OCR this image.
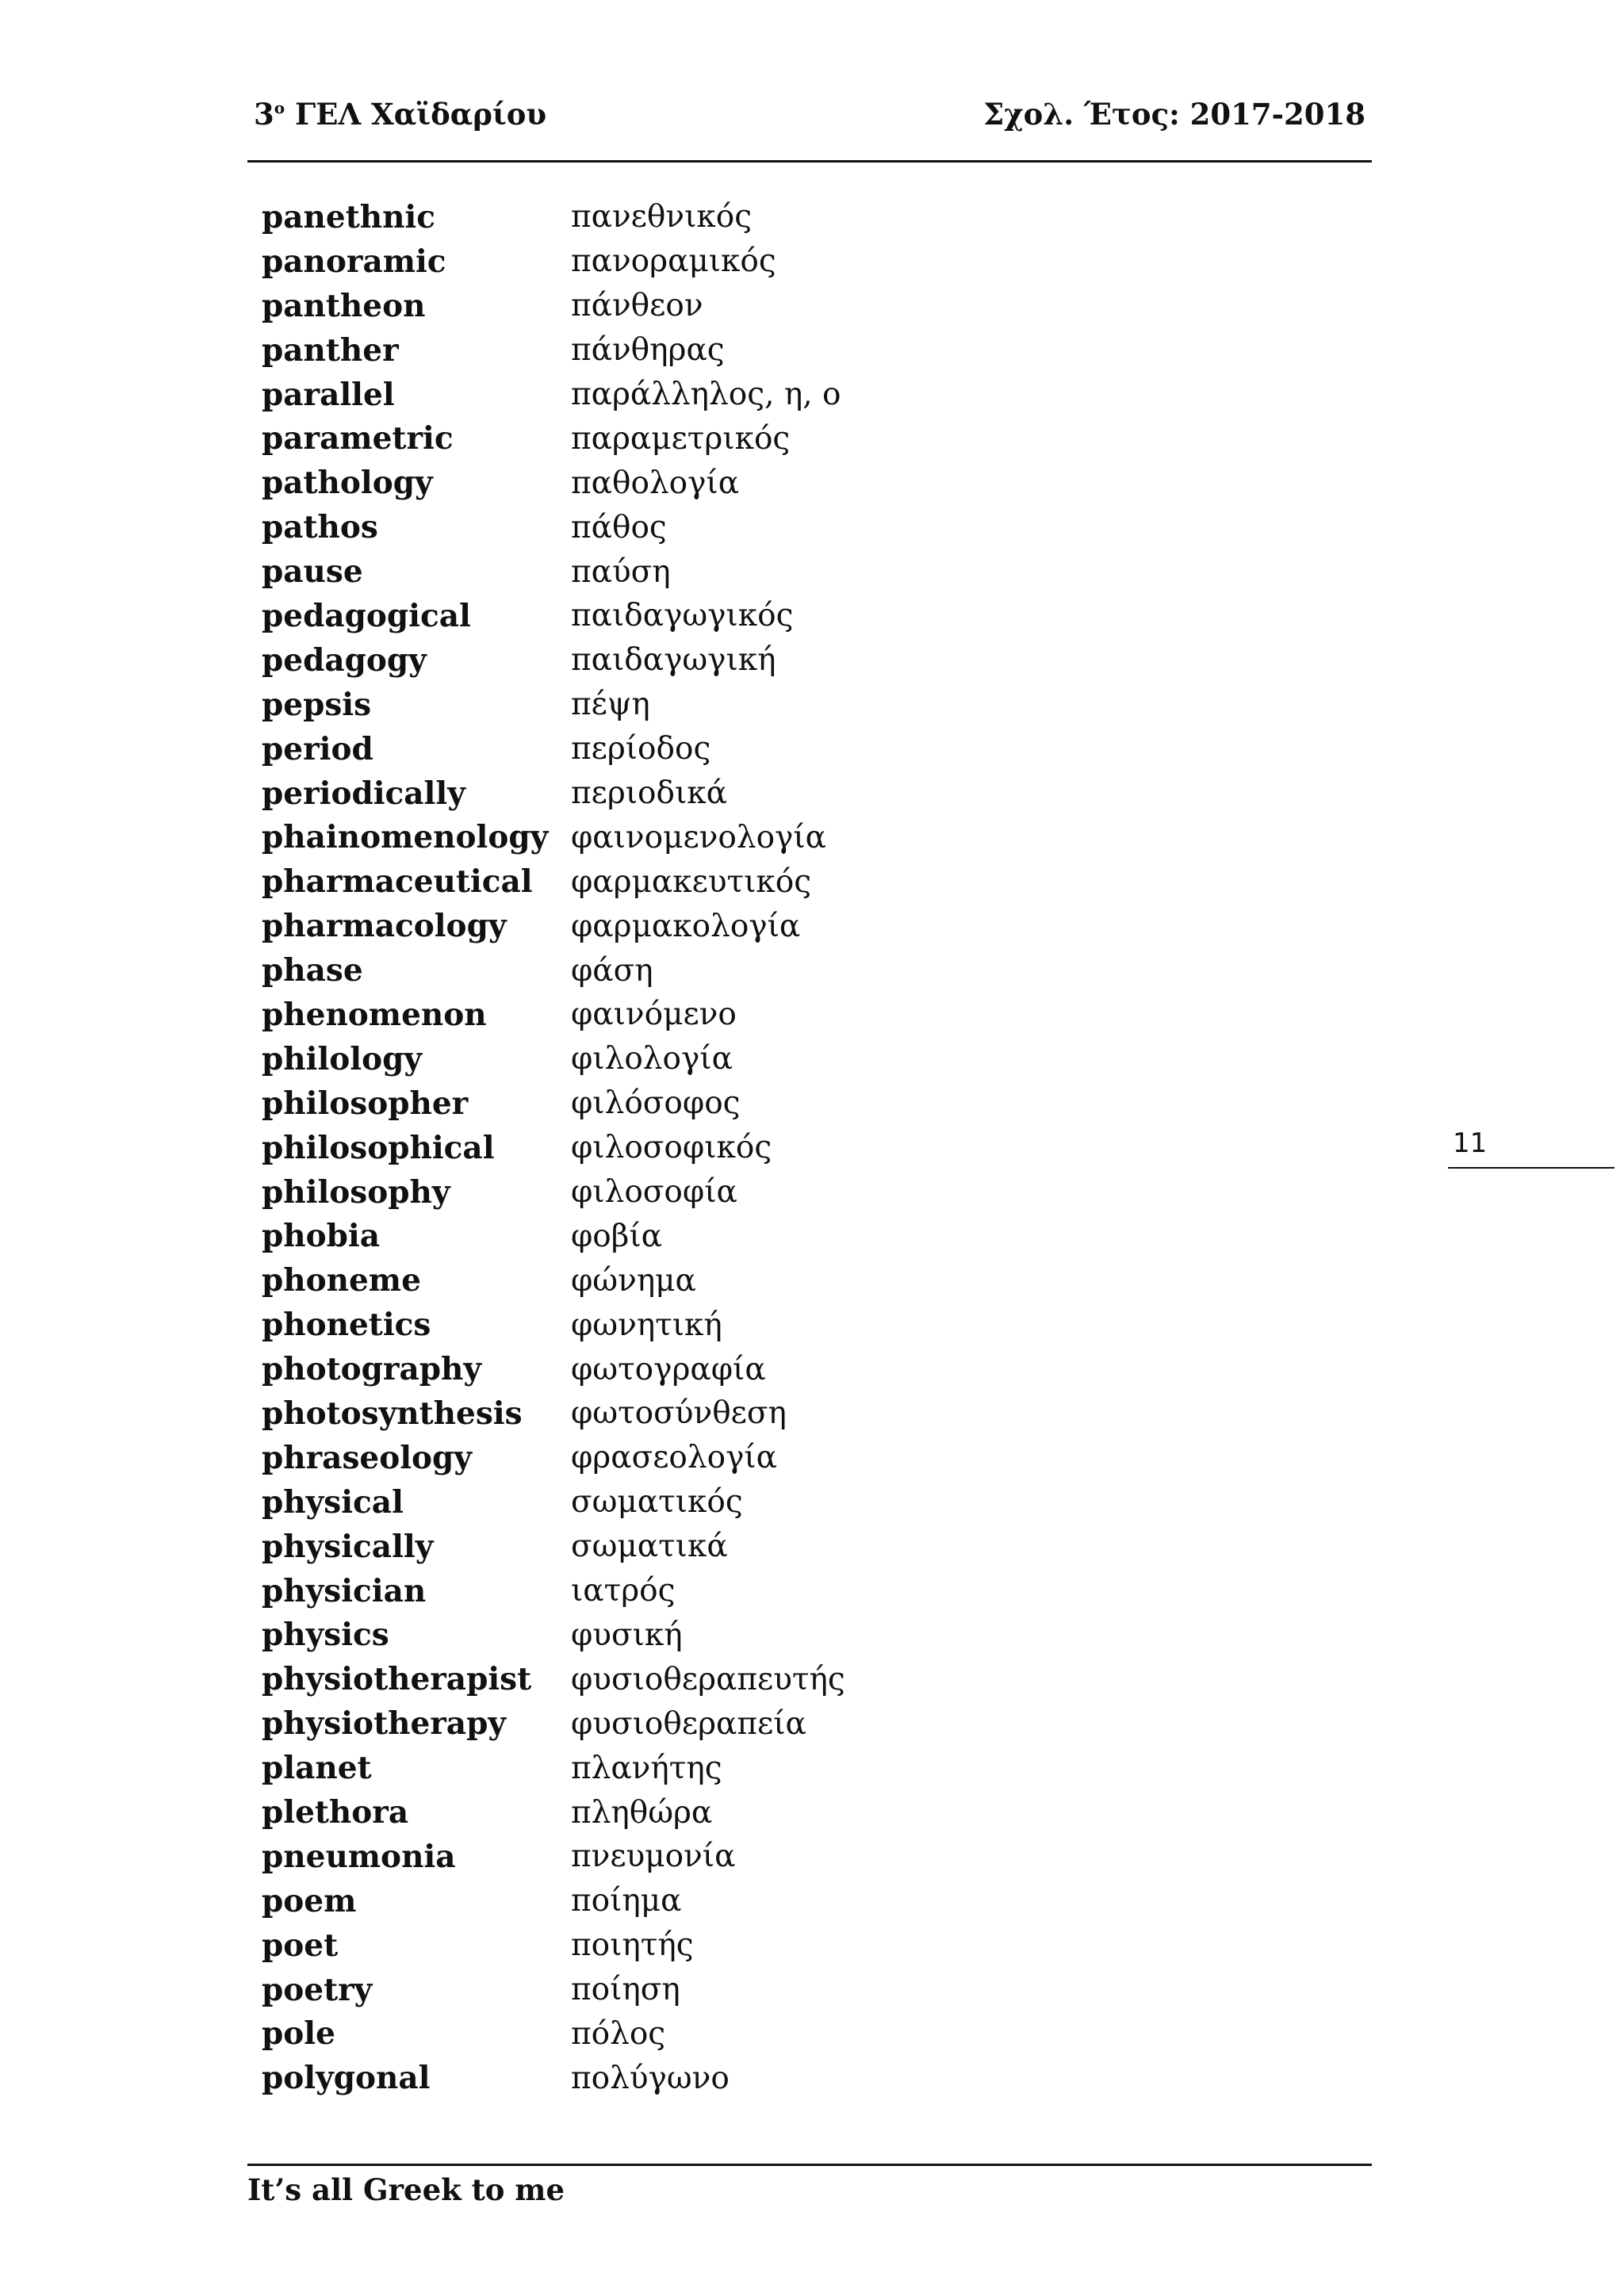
$3^o$ ΓΕΛ Χαϊδαρίου	Σχολ. Έτος: 2017-2018
panethnic	πανεθνικός
panoramic	πανοραμικός
pantheon	πάνθεον
panther	πάνθηρας
parallel	παράλληλος, η, ο
parametric	παραμετρικός
pathology	παθολογία
pathos	πάθος
pause	παύση
pedagogical	παιδαγωγικός
pedagogy	παιδαγωγική
pepsis	πέψη
period	περίοδος
periodically	περιοδικά
phainomenology φαινομενολογία
pharmaceutical	φαρμακευτικός
pharmacology	φαρμακολογία
phase	φάση
phenomenon	φαινόμενο
philology	φιλολογία
philosopher	φιλόσοφος
philosophical	φιλοσοφικός
philosophy	φιλοσοφία
phobia	φοβία
phoneme	φώνημα
phonetics	φωνητική
photography	φωτογραφία
photosynthesis	φωτοσύνθεση
phraseology	φρασεολογία
physical	σωματικός
physically	σωματικά
physician	ιατρός
physics	φυσική
physiotherapist	φυσιοθεραπευτής
physiotherapy	φυσιοθεραπεία
planet	πλανήτης
plethora	πληθώρα
pneumonia	πνευμονία
poem	ποίημα
poet	ποιητής
poetry	ποίηση
pole	πόλος
polygonal	πολύγωνο
11
It’s all Greek to me
